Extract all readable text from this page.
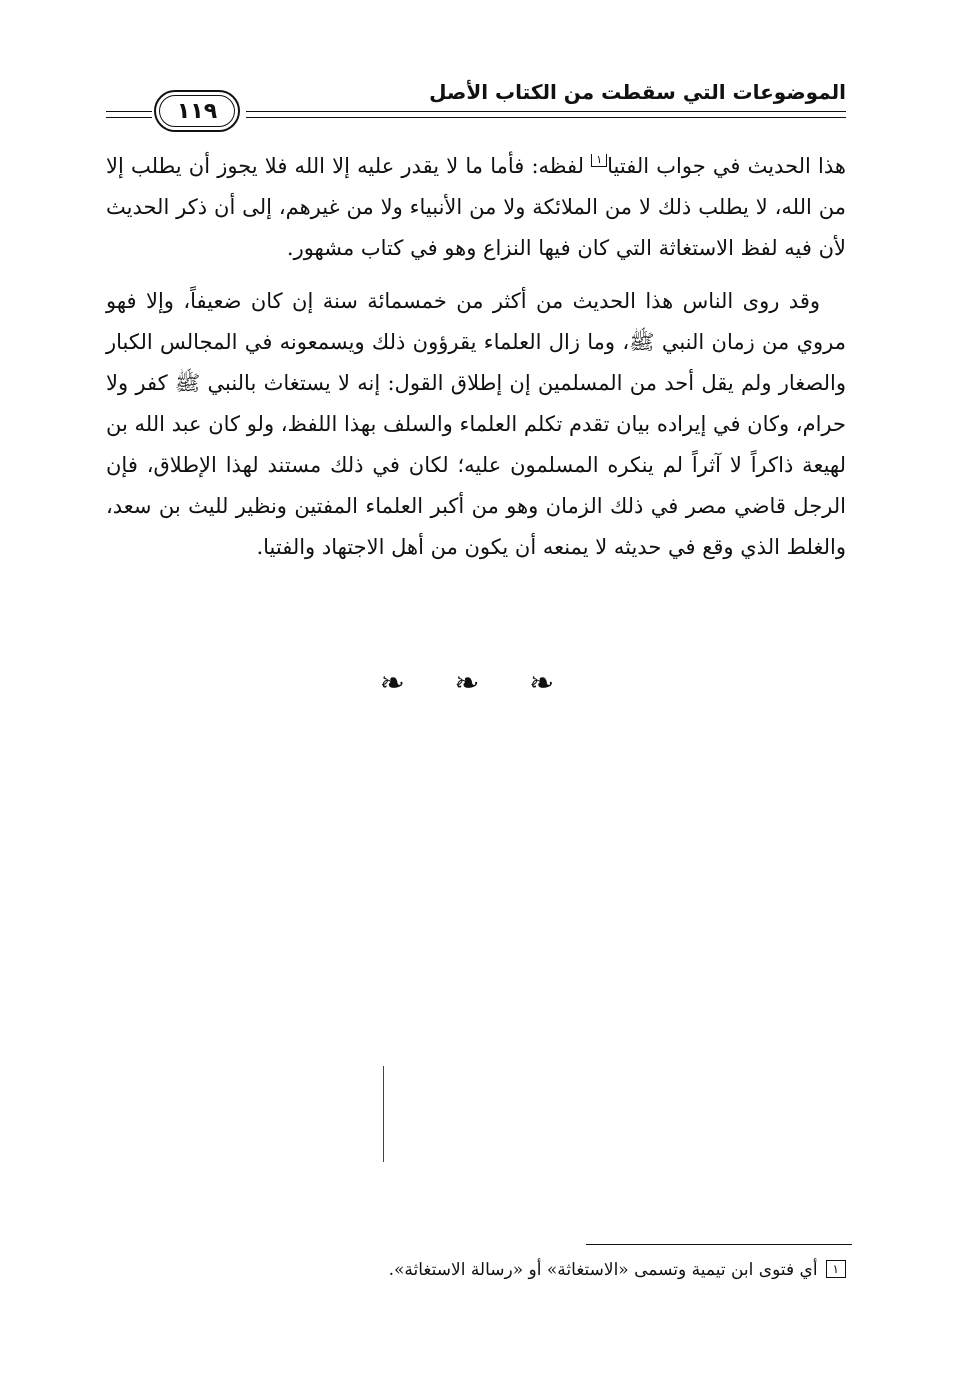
الموضوعات التي سقطت من الكتاب الأصل
١١٩

هذا الحديث في جواب الفتيا١ لفظه: فأما ما لا يقدر عليه إلا الله فلا يجوز أن يطلب إلا من الله، لا يطلب ذلك لا من الملائكة ولا من الأنبياء ولا من غيرهم، إلى أن ذكر الحديث لأن فيه لفظ الاستغاثة التي كان فيها النزاع وهو في كتاب مشهور.

وقد روى الناس هذا الحديث من أكثر من خمسمائة سنة إن كان ضعيفاً، وإلا فهو مروي من زمان النبي ﷺ، وما زال العلماء يقرؤون ذلك ويسمعونه في المجالس الكبار والصغار ولم يقل أحد من المسلمين إن إطلاق القول: إنه لا يستغاث بالنبي ﷺ كفر ولا حرام، وكان في إيراده بيان تقدم تكلم العلماء والسلف بهذا اللفظ، ولو كان عبد الله بن لهيعة ذاكراً لا آثراً لم ينكره المسلمون عليه؛ لكان في ذلك مستند لهذا الإطلاق، فإن الرجل قاضي مصر في ذلك الزمان وهو من أكبر العلماء المفتين ونظير لليث بن سعد، والغلط الذي وقع في حديثه لا يمنعه أن يكون من أهل الاجتهاد والفتيا.

❧ ❧ ❧
١أي فتوى ابن تيمية وتسمى «الاستغاثة» أو «رسالة الاستغاثة».
